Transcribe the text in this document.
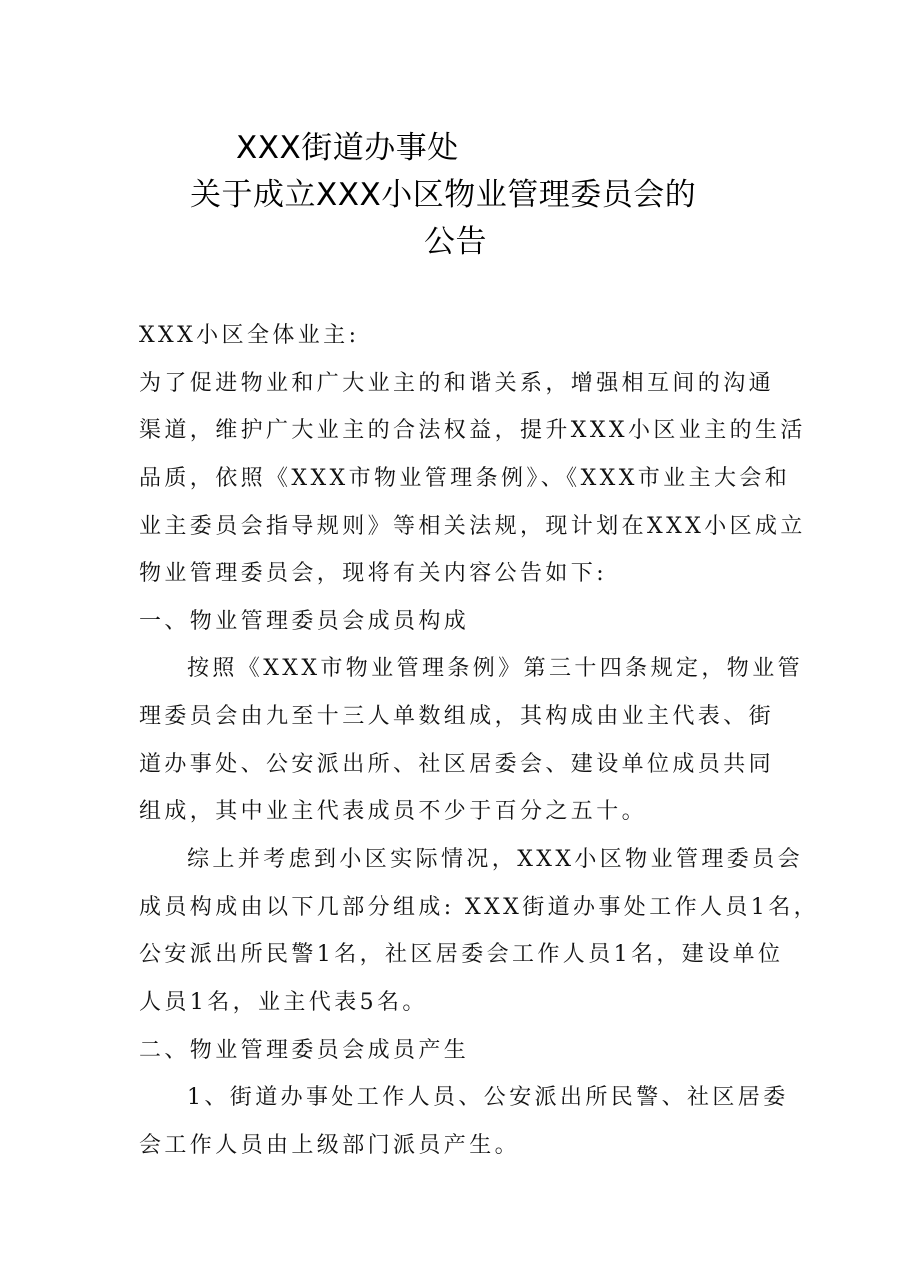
XXX街道办事处
关于成立XXX小区物业管理委员会的
公告
XXX小区全体业主:
为了促进物业和广大业主的和谐关系，增强相互间的沟通
渠道，维护广大业主的合法权益，提升XXX小区业主的生活
品质，依照《XXX市物业管理条例》、《XXX市业主大会和
业主委员会指导规则》等相关法规，现计划在XXX小区成立
物业管理委员会，现将有关内容公告如下:
一、物业管理委员会成员构成
按照《XXX市物业管理条例》第三十四条规定，物业管
理委员会由九至十三人单数组成，其构成由业主代表、街
道办事处、公安派出所、社区居委会、建设单位成员共同
组成，其中业主代表成员不少于百分之五十。
综上并考虑到小区实际情况，XXX小区物业管理委员会
成员构成由以下几部分组成: XXX街道办事处工作人员1名，
公安派出所民警1名，社区居委会工作人员1名，建设单位
人员1名，业主代表5名。
二、物业管理委员会成员产生
1、街道办事处工作人员、公安派出所民警、社区居委
会工作人员由上级部门派员产生。
